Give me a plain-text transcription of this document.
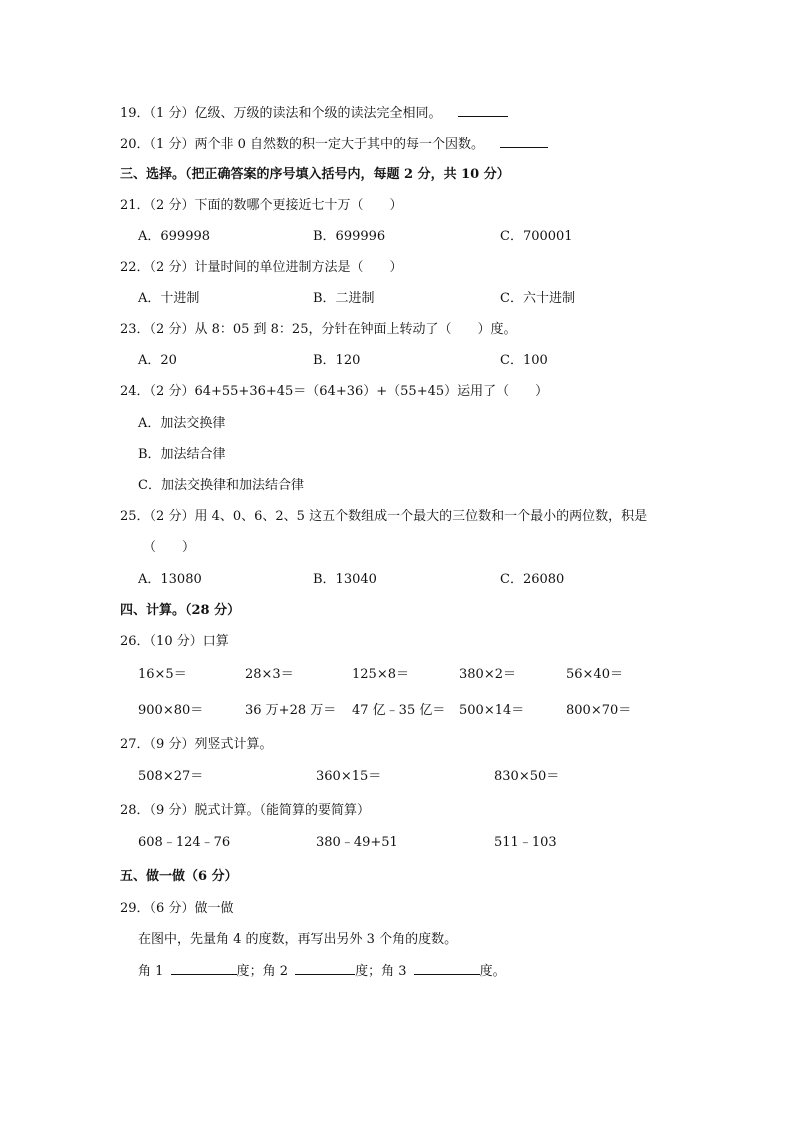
19．（1 分）亿级、万级的读法和个级的读法完全相同。
20．（1 分）两个非 0 自然数的积一定大于其中的每一个因数。
三、选择。（把正确答案的序号填入括号内，每题 2 分，共 10 分）
21．（2 分）下面的数哪个更接近七十万（　　）
A．699998	B．699996	C．700001
22．（2 分）计量时间的单位进制方法是（　　）
A．十进制	B．二进制	C．六十进制
23．（2 分）从 8：05 到 8：25，分针在钟面上转动了（　　）度。
A．20	B．120	C．100
24．（2 分）64+55+36+45＝（64+36）+（55+45）运用了（　　）
A．加法交换律
B．加法结合律
C．加法交换律和加法结合律
25．（2 分）用 4、0、6、2、5 这五个数组成一个最大的三位数和一个最小的两位数，积是
（　　）
A．13080	B．13040	C．26080
四、计算。（28 分）
26．（10 分）口算
16×5＝	28×3＝	125×8＝	380×2＝	56×40＝
900×80＝	36 万+28 万＝ 47 亿﹣35 亿＝ 500×14＝	800×70＝
27．（9 分）列竖式计算。
508×27＝	360×15＝	830×50＝
28．（9 分）脱式计算。（能简算的要简算）
608﹣124﹣76	380﹣49+51	511﹣103
五、做一做（6 分）
29．（6 分）做一做
在图中，先量角 4 的度数，再写出另外 3 个角的度数。
角 1	度；角 2	度；角 3	度。
